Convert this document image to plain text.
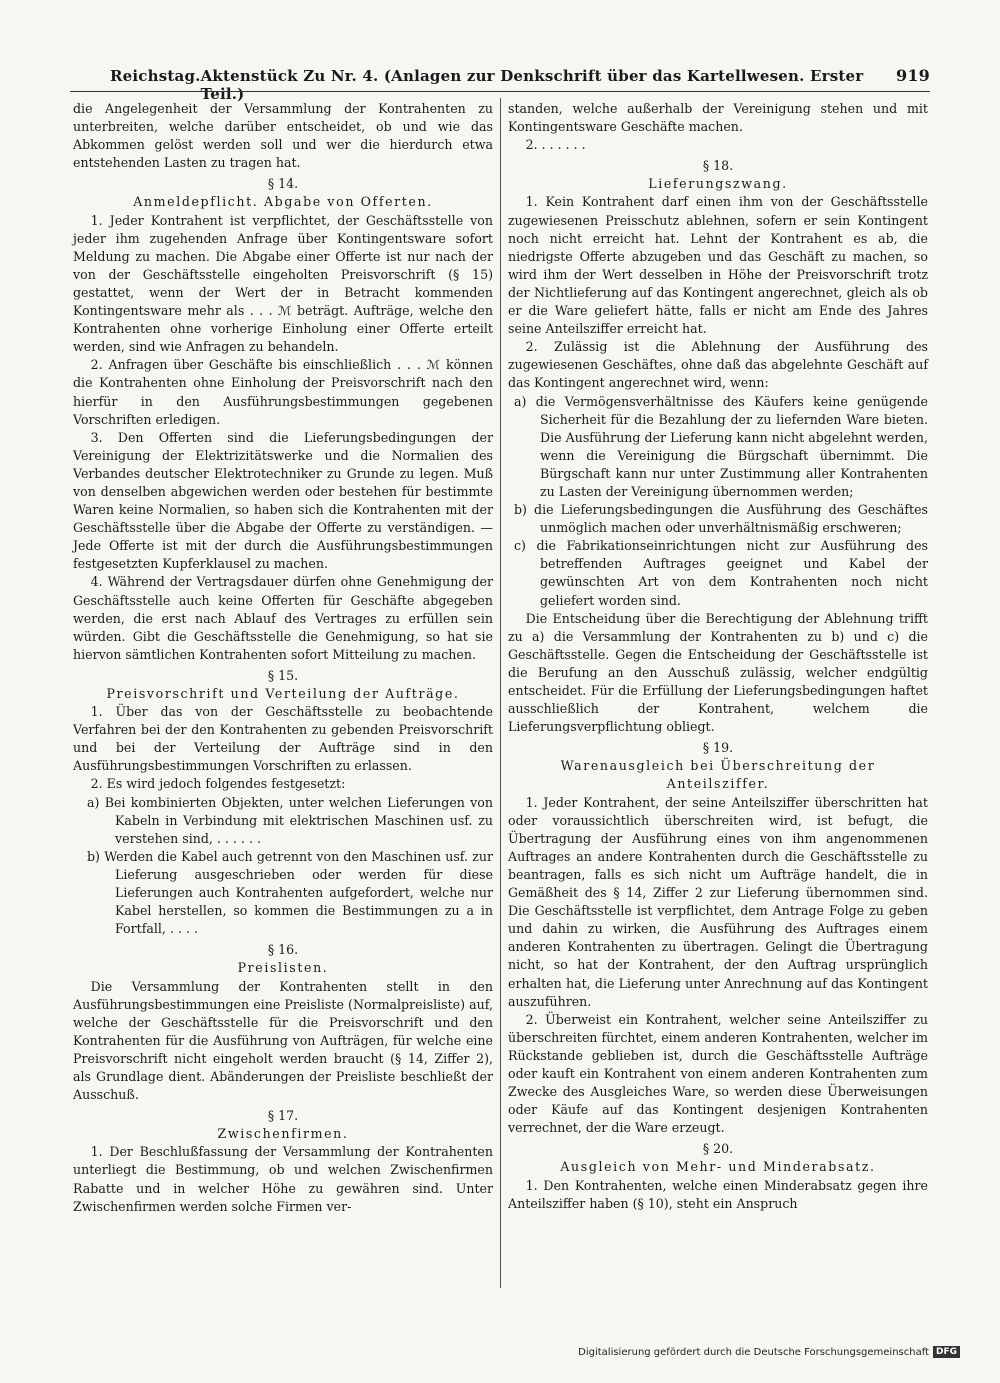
Reichstag. Aktenstück Zu Nr. 4. (Anlagen zur Denkschrift über das Kartellwesen. Erster Teil.)
919

die Angelegenheit der Versammlung der Kontrahenten zu unterbreiten, welche darüber entscheidet, ob und wie das Abkommen gelöst werden soll und wer die hierdurch etwa entstehenden Lasten zu tragen hat.

§ 14.

Anmeldepflicht. Abgabe von Offerten.

1. Jeder Kontrahent ist verpflichtet, der Geschäftsstelle von jeder ihm zugehenden Anfrage über Kontingentsware sofort Meldung zu machen. Die Abgabe einer Offerte ist nur nach der von der Geschäftsstelle eingeholten Preisvorschrift (§ 15) gestattet, wenn der Wert der in Betracht kommenden Kontingentsware mehr als . . . ℳ beträgt. Aufträge, welche den Kontrahenten ohne vorherige Einholung einer Offerte erteilt werden, sind wie Anfragen zu behandeln.

2. Anfragen über Geschäfte bis einschließlich . . . ℳ können die Kontrahenten ohne Einholung der Preisvorschrift nach den hierfür in den Ausführungsbestimmungen gegebenen Vorschriften erledigen.

3. Den Offerten sind die Lieferungsbedingungen der Vereinigung der Elektrizitätswerke und die Normalien des Verbandes deutscher Elektrotechniker zu Grunde zu legen. Muß von denselben abgewichen werden oder bestehen für bestimmte Waren keine Normalien, so haben sich die Kontrahenten mit der Geschäftsstelle über die Abgabe der Offerte zu verständigen. — Jede Offerte ist mit der durch die Ausführungsbestimmungen festgesetzten Kupferklausel zu machen.

4. Während der Vertragsdauer dürfen ohne Genehmigung der Geschäftsstelle auch keine Offerten für Geschäfte abgegeben werden, die erst nach Ablauf des Vertrages zu erfüllen sein würden. Gibt die Geschäftsstelle die Genehmigung, so hat sie hiervon sämtlichen Kontrahenten sofort Mitteilung zu machen.

§ 15.

Preisvorschrift und Verteilung der Aufträge.

1. Über das von der Geschäftsstelle zu beobachtende Verfahren bei der den Kontrahenten zu gebenden Preisvorschrift und bei der Verteilung der Aufträge sind in den Ausführungsbestimmungen Vorschriften zu erlassen.

2. Es wird jedoch folgendes festgesetzt:

a) Bei kombinierten Objekten, unter welchen Lieferungen von Kabeln in Verbindung mit elektrischen Maschinen usf. zu verstehen sind, . . . . . .

b) Werden die Kabel auch getrennt von den Maschinen usf. zur Lieferung ausgeschrieben oder werden für diese Lieferungen auch Kontrahenten aufgefordert, welche nur Kabel herstellen, so kommen die Bestimmungen zu a in Fortfall, . . . .

§ 16.

Preislisten.

Die Versammlung der Kontrahenten stellt in den Ausführungsbestimmungen eine Preisliste (Normalpreisliste) auf, welche der Geschäftsstelle für die Preisvorschrift und den Kontrahenten für die Ausführung von Aufträgen, für welche eine Preisvorschrift nicht eingeholt werden braucht (§ 14, Ziffer 2), als Grundlage dient. Abänderungen der Preisliste beschließt der Ausschuß.

§ 17.

Zwischenfirmen.

1. Der Beschlußfassung der Versammlung der Kontrahenten unterliegt die Bestimmung, ob und welchen Zwischenfirmen Rabatte und in welcher Höhe zu gewähren sind. Unter Zwischenfirmen werden solche Firmen ver-

standen, welche außerhalb der Vereinigung stehen und mit Kontingentsware Geschäfte machen.

2. . . . . . .

§ 18.

Lieferungszwang.

1. Kein Kontrahent darf einen ihm von der Geschäftsstelle zugewiesenen Preisschutz ablehnen, sofern er sein Kontingent noch nicht erreicht hat. Lehnt der Kontrahent es ab, die niedrigste Offerte abzugeben und das Geschäft zu machen, so wird ihm der Wert desselben in Höhe der Preisvorschrift trotz der Nichtlieferung auf das Kontingent angerechnet, gleich als ob er die Ware geliefert hätte, falls er nicht am Ende des Jahres seine Anteilsziffer erreicht hat.

2. Zulässig ist die Ablehnung der Ausführung des zugewiesenen Geschäftes, ohne daß das abgelehnte Geschäft auf das Kontingent angerechnet wird, wenn:

a) die Vermögensverhältnisse des Käufers keine genügende Sicherheit für die Bezahlung der zu liefernden Ware bieten. Die Ausführung der Lieferung kann nicht abgelehnt werden, wenn die Vereinigung die Bürgschaft übernimmt. Die Bürgschaft kann nur unter Zustimmung aller Kontrahenten zu Lasten der Vereinigung übernommen werden;

b) die Lieferungsbedingungen die Ausführung des Geschäftes unmöglich machen oder unverhältnismäßig erschweren;

c) die Fabrikationseinrichtungen nicht zur Ausführung des betreffenden Auftrages geeignet und Kabel der gewünschten Art von dem Kontrahenten noch nicht geliefert worden sind.

Die Entscheidung über die Berechtigung der Ablehnung trifft zu a) die Versammlung der Kontrahenten zu b) und c) die Geschäftsstelle. Gegen die Entscheidung der Geschäftsstelle ist die Berufung an den Ausschuß zulässig, welcher endgültig entscheidet. Für die Erfüllung der Lieferungsbedingungen haftet ausschließlich der Kontrahent, welchem die Lieferungsverpflichtung obliegt.

§ 19.

Warenausgleich bei Überschreitung der Anteilsziffer.

1. Jeder Kontrahent, der seine Anteilsziffer überschritten hat oder voraussichtlich überschreiten wird, ist befugt, die Übertragung der Ausführung eines von ihm angenommenen Auftrages an andere Kontrahenten durch die Geschäftsstelle zu beantragen, falls es sich nicht um Aufträge handelt, die in Gemäßheit des § 14, Ziffer 2 zur Lieferung übernommen sind. Die Geschäftsstelle ist verpflichtet, dem Antrage Folge zu geben und dahin zu wirken, die Ausführung des Auftrages einem anderen Kontrahenten zu übertragen. Gelingt die Übertragung nicht, so hat der Kontrahent, der den Auftrag ursprünglich erhalten hat, die Lieferung unter Anrechnung auf das Kontingent auszuführen.

2. Überweist ein Kontrahent, welcher seine Anteilsziffer zu überschreiten fürchtet, einem anderen Kontrahenten, welcher im Rückstande geblieben ist, durch die Geschäftsstelle Aufträge oder kauft ein Kontrahent von einem anderen Kontrahenten zum Zwecke des Ausgleiches Ware, so werden diese Überweisungen oder Käufe auf das Kontingent desjenigen Kontrahenten verrechnet, der die Ware erzeugt.

§ 20.

Ausgleich von Mehr- und Minderabsatz.

1. Den Kontrahenten, welche einen Minderabsatz gegen ihre Anteilsziffer haben (§ 10), steht ein Anspruch

Digitalisierung gefördert durch die Deutsche Forschungsgemeinschaft DFG
